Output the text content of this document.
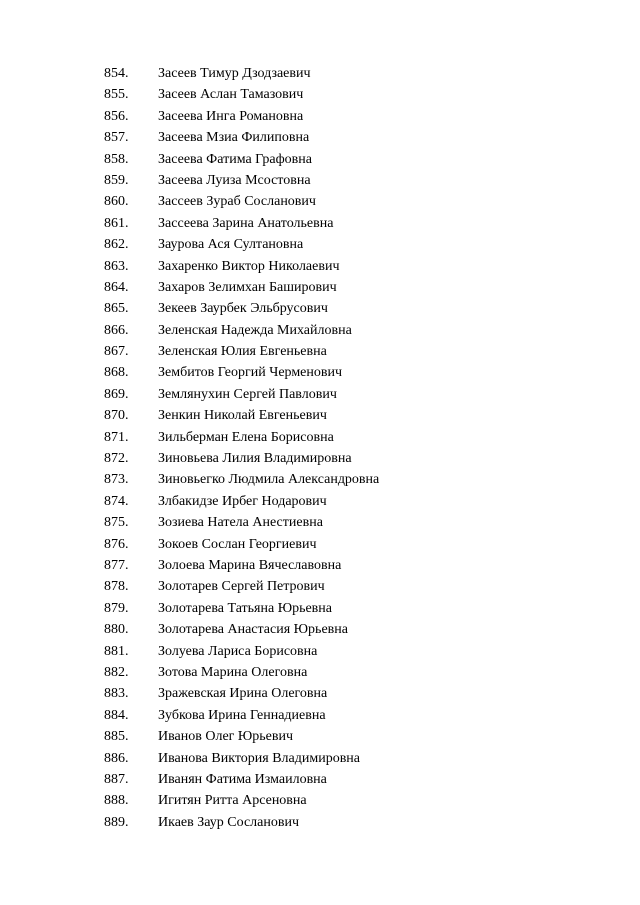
854.	Засеев Тимур Дзодзаевич
855.	Засеев Аслан Тамазович
856.	Засеева Инга Романовна
857.	Засеева Мзиа Филиповна
858.	Засеева Фатима Графовна
859.	Засеева Луиза Мсостовна
860.	Зассеев Зураб Сосланович
861.	Зассеева Зарина Анатольевна
862.	Заурова Ася Султановна
863.	Захаренко Виктор Николаевич
864.	Захаров Зелимхан Баширович
865.	Зекеев Заурбек Эльбрусович
866.	Зеленская Надежда Михайловна
867.	Зеленская Юлия Евгеньевна
868.	Зембитов Георгий Черменович
869.	Землянухин Сергей Павлович
870.	Зенкин Николай Евгеньевич
871.	Зильберман Елена Борисовна
872.	Зиновьева Лилия Владимировна
873.	Зиновьегко Людмила Александровна
874.	Злбакидзе Ирбег Нодарович
875.	Зозиева Натела Анестиевна
876.	Зокоев Сослан Георгиевич
877.	Золоева Марина Вячеславовна
878.	Золотарев Сергей Петрович
879.	Золотарева Татьяна Юрьевна
880.	Золотарева Анастасия Юрьевна
881.	Золуева Лариса Борисовна
882.	Зотова Марина Олеговна
883.	Зражевская Ирина Олеговна
884.	Зубкова Ирина Геннадиевна
885.	Иванов Олег Юрьевич
886.	Иванова Виктория Владимировна
887.	Иванян Фатима Измаиловна
888.	Игитян Ритта Арсеновна
889.	Икаев Заур Сосланович
